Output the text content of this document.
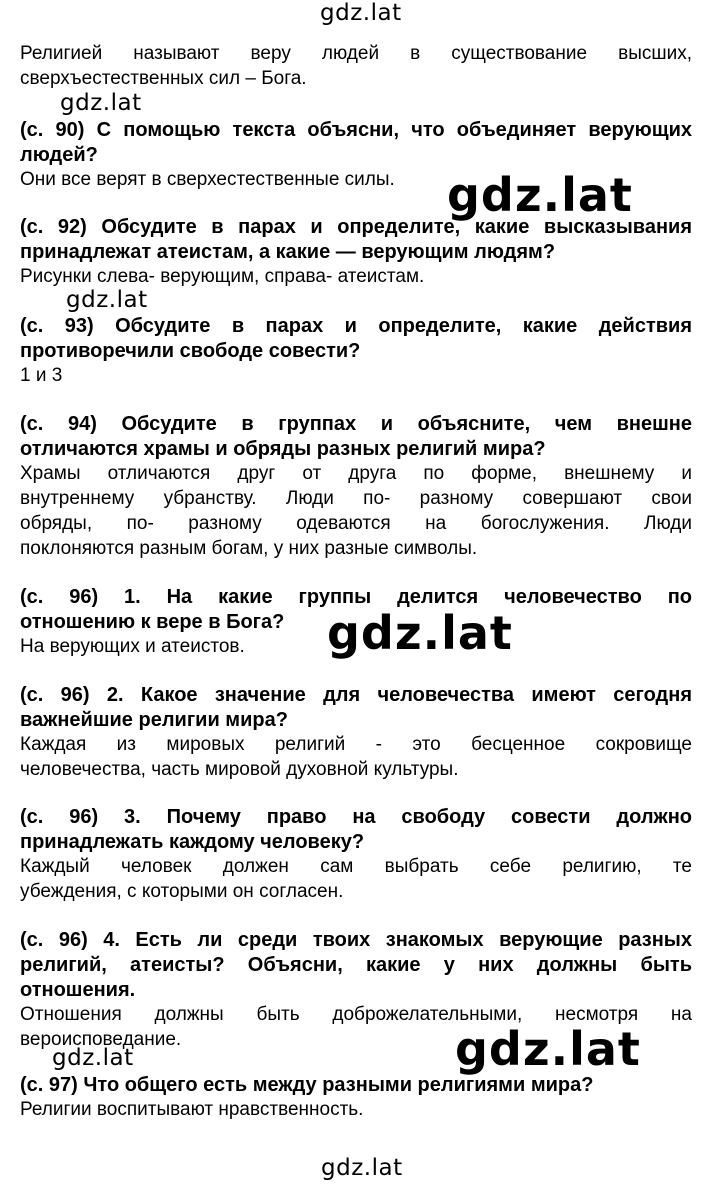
gdz.lat
gdz.lat
gdz.lat
gdz.lat
gdz.lat
gdz.lat	gdz.lat
gdz.lat
Религией называют веру людей в существование высших,
сверхъестественных сил – Бога.
(с. 90) С помощью текста объясни, что объединяет верующих
людей?
Они все верят в сверхестественные силы.
(с. 92) Обсудите в парах и определите, какие высказывания
принадлежат атеистам, а какие — верующим людям?
Рисунки слева- верующим, справа- атеистам.
(с. 93) Обсудите в парах и определите, какие действия
противоречили свободе совести?
1 и 3
(с. 94) Обсудите в группах и объясните, чем внешне
отличаются храмы и обряды разных религий мира?
Храмы отличаются друг от друга по форме, внешнему и
внутреннему убранству. Люди по- разному совершают свои
обряды, по- разному одеваются на богослужения. Люди
поклоняются разным богам, у них разные символы.
(с. 96) 1. На какие группы делится человечество по
отношению к вере в Бога?
На верующих и атеистов.
(с. 96) 2. Какое значение для человечества имеют сегодня
важнейшие религии мира?
Каждая из мировых религий - это бесценное сокровище
человечества, часть мировой духовной культуры.
(с. 96) 3. Почему право на свободу совести должно
принадлежать каждому человеку?
Каждый человек должен сам выбрать себе религию, те
убеждения, с которыми он согласен.
(с. 96) 4. Есть ли среди твоих знакомых верующие разных
религий, атеисты? Объясни, какие у них должны быть
отношения.
Отношения должны быть доброжелательными, несмотря на
вероисповедание.
(с. 97) Что общего есть между разными религиями мира?
Религии воспитывают нравственность.
